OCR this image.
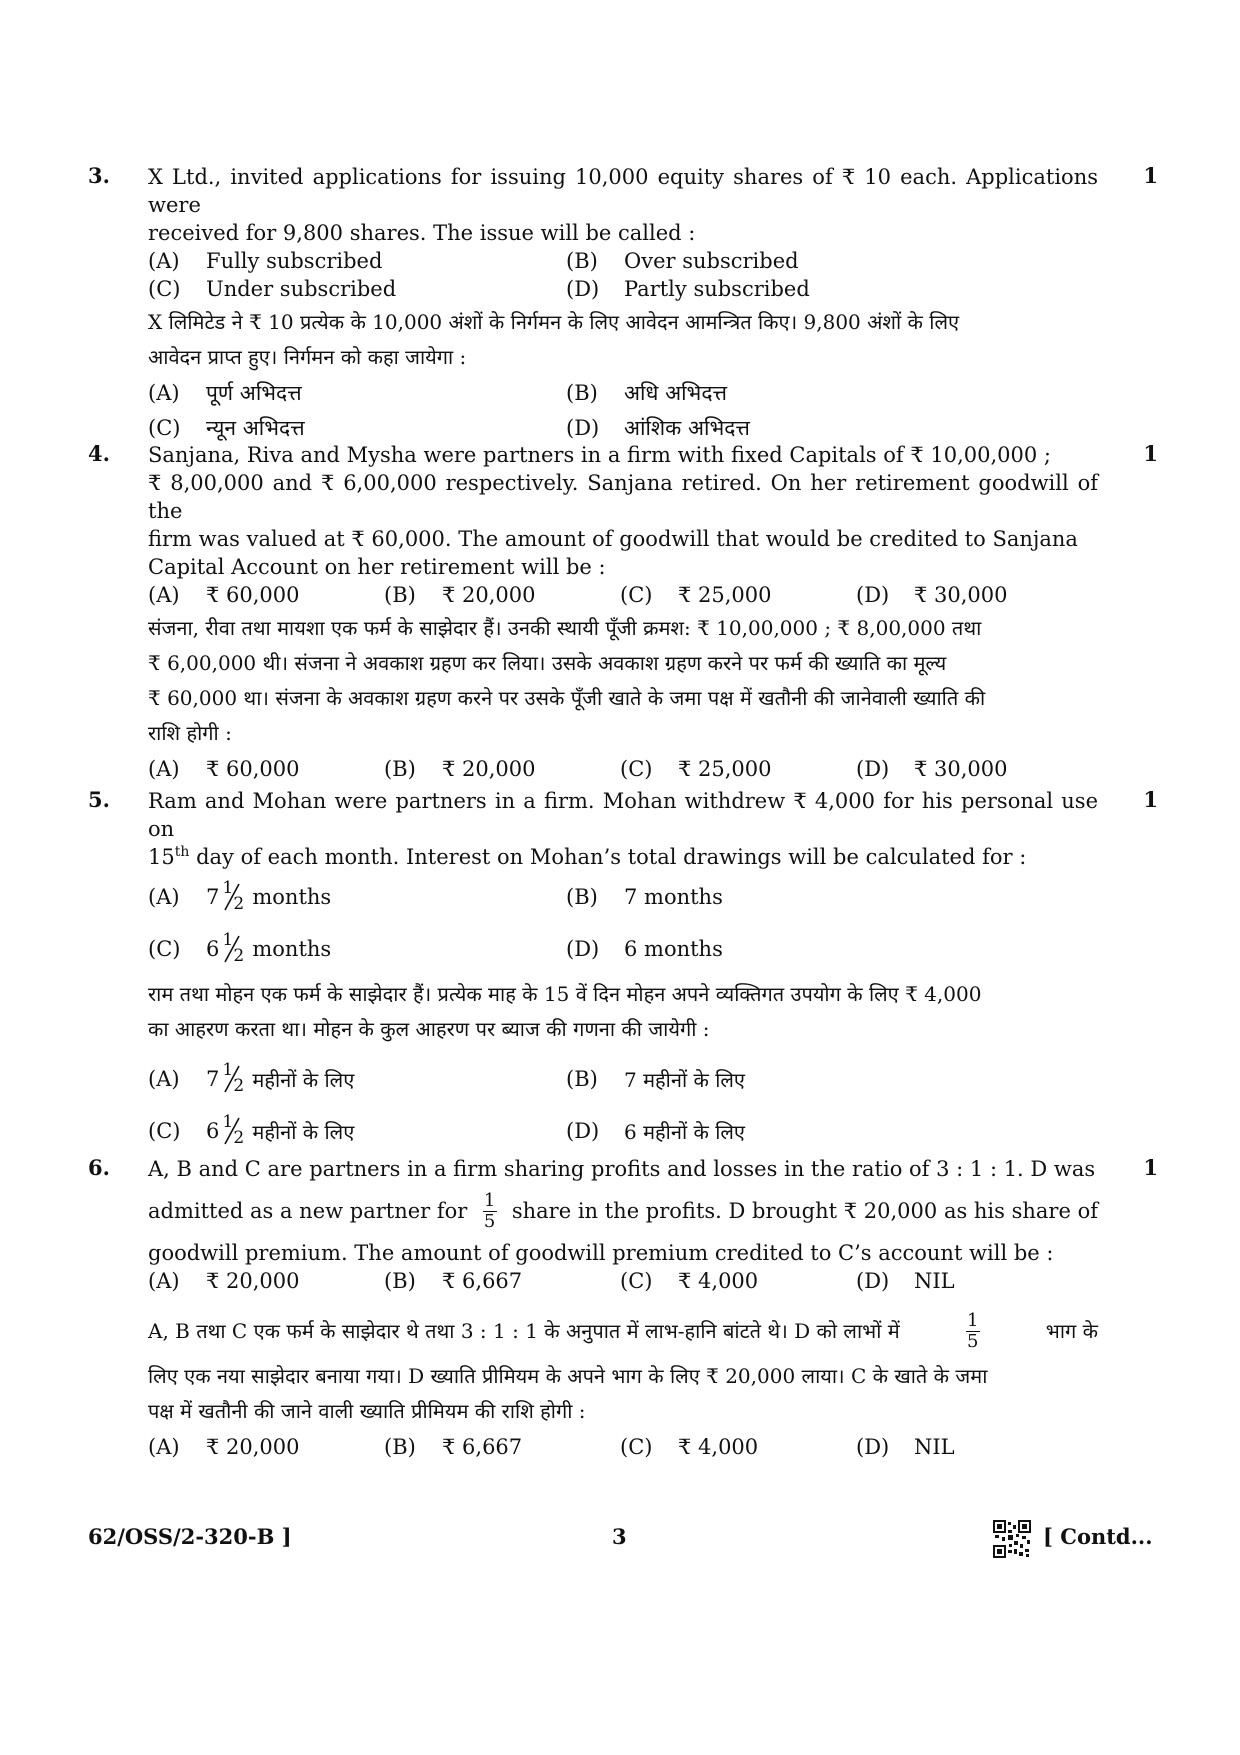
3.	1
X Ltd., invited applications for issuing 10,000 equity shares of ₹ 10 each. Applications were
received for 9,800 shares. The issue will be called :
(A)	Fully subscribed	(B)	Over subscribed
(C)	Under subscribed	(D)	Partly subscribed
X लिमिटेड ने ₹ 10 प्रत्येक के 10,000 अंशों के निर्गमन के लिए आवेदन आमन्त्रित किए। 9,800 अंशों के लिए
आवेदन प्राप्त हुए। निर्गमन को कहा जायेगा :
(A)	पूर्ण अभिदत्त	(B)	अधि अभिदत्त
(C)	न्यून अभिदत्त	(D)	आंशिक अभिदत्त
4.	1
Sanjana, Riva and Mysha were partners in a firm with fixed Capitals of ₹ 10,00,000 ;
₹ 8,00,000 and ₹ 6,00,000 respectively. Sanjana retired. On her retirement goodwill of the
firm was valued at ₹ 60,000. The amount of goodwill that would be credited to Sanjana
Capital Account on her retirement will be :
(A)	₹ 60,000	(B)	₹ 20,000	(C)	₹ 25,000	(D)	₹ 30,000
संजना, रीवा तथा मायशा एक फर्म के साझेदार हैं। उनकी स्थायी पूँजी क्रमश: ₹ 10,00,000 ; ₹ 8,00,000 तथा
₹ 6,00,000 थी। संजना ने अवकाश ग्रहण कर लिया। उसके अवकाश ग्रहण करने पर फर्म की ख्याति का मूल्य
₹ 60,000 था। संजना के अवकाश ग्रहण करने पर उसके पूँजी खाते के जमा पक्ष में खतौनी की जानेवाली ख्याति की
राशि होगी :
(A)	₹ 60,000	(B)	₹ 20,000	(C)	₹ 25,000	(D)	₹ 30,000
5.	1
Ram and Mohan were partners in a firm. Mohan withdrew ₹ 4,000 for his personal use on
15th day of each month. Interest on Mohan’s total drawings will be calculated for :
(A)	7 1
2 months	(B)	7 months
(C)	6 1
2 months	(D)	6 months
राम तथा मोहन एक फर्म के साझेदार हैं। प्रत्येक माह के 15 वें दिन मोहन अपने व्यक्तिगत उपयोग के लिए ₹ 4,000
का आहरण करता था। मोहन के कुल आहरण पर ब्याज की गणना की जायेगी :
(A)	7 1
2 महीनों के लिए	(B)	7 महीनों के लिए
(C)	6 1
2 महीनों के लिए	(D)	6 महीनों के लिए
6.	1
A, B and C are partners in a firm sharing profits and losses in the ratio of 3 : 1 : 1. D was
admitted as a new partner for 1
5 share in the profits. D brought ₹ 20,000 as his share of
goodwill premium. The amount of goodwill premium credited to C’s account will be :
(A)	₹ 20,000	(B)	₹ 6,667	(C)	₹ 4,000	(D)	NIL
A, B तथा C एक फर्म के साझेदार थे तथा 3 : 1 : 1 के अनुपात में लाभ-हानि बांटते थे। D को लाभों में	1
5	भाग के
लिए एक नया साझेदार बनाया गया। D ख्याति प्रीमियम के अपने भाग के लिए ₹ 20,000 लाया। C के खाते के जमा
पक्ष में खतौनी की जाने वाली ख्याति प्रीमियम की राशि होगी :
(A)	₹ 20,000	(B)	₹ 6,667	(C)	₹ 4,000	(D)	NIL
62/OSS/2-320-B ]	3	[ Contd...
